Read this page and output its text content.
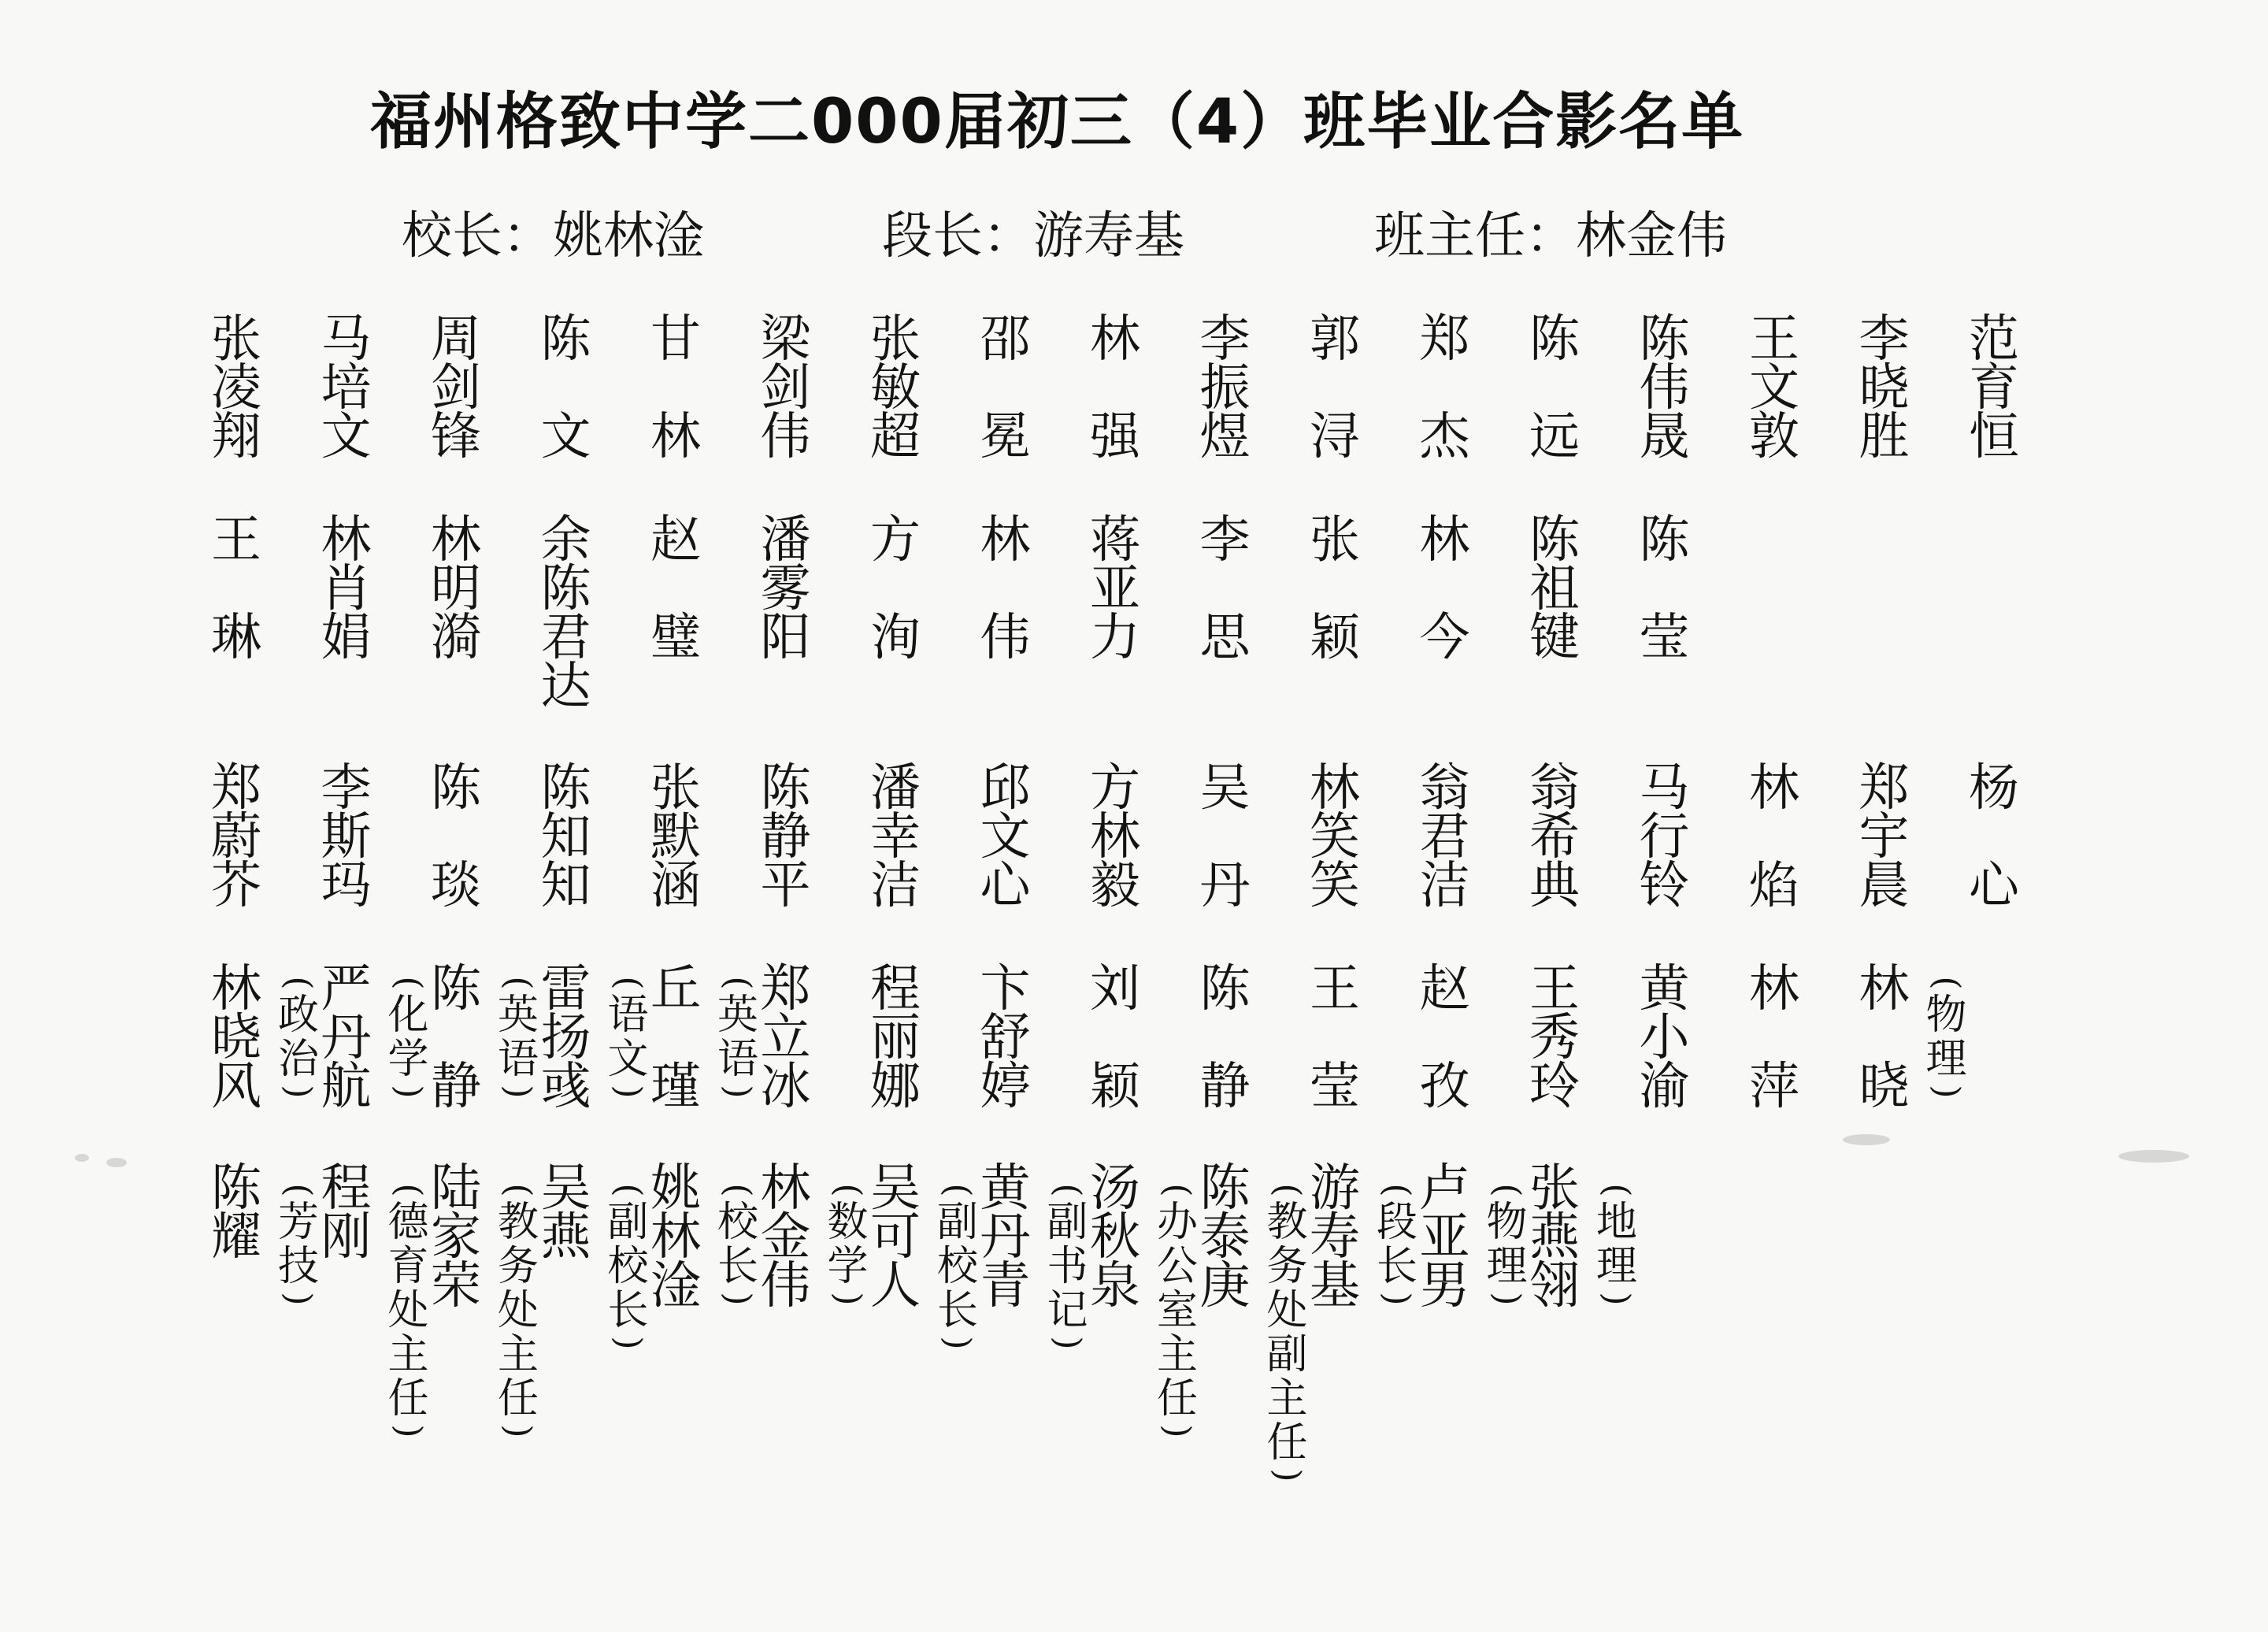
福州格致中学二000届初三（4）班毕业合影名单
校长：姚林淦	段长：游寿基	班主任：林金伟
张
凌
翔
马
培
文
周
剑
锋
陈
文
甘
林
梁
剑
伟
张
敏
超
邵
冕
林
强
李
振
煜
郭
浔
郑
杰
陈
远
陈
伟
晟
王
文
敦
李
晓
胜
范
育
恒
王
琳
林
肖
娟
林
明
漪
余
陈
君
达
赵
璧
潘
雾
阳
方
洵
林
伟
蒋
亚
力
李
思
张
颖
林
今
陈
祖
键
陈
莹
郑
蔚
芥
李
斯
玛
陈
琰
陈
知
知
张
默
涵
陈
静
平
潘
幸
洁
邱
文
心
方
林
毅
吴
丹
林
笑
笑
翁
君
洁
翁
希
典
马
行
铃
林
焰
郑
宇
晨
杨
心
林
晓
风
(
政
治
)
严
丹
航
(
化
学
)
陈
静
(
英
语
)
雷
扬
彧
(
语
文
)
丘
瑾
(
英
语
)
郑
立
冰
程
丽
娜
卞
舒
婷
刘
颖
陈
静
王
莹
赵
孜
王
秀
玲
黄
小
渝
林
萍
林
晓
(
物
理
)
陈
耀
(
芳
技
)
程
刚
(
德
育
处
主
任
)
陆
家
荣
(
教
务
处
主
任
)
吴
燕
(
副
校
长
)
姚
林
淦
(
校
长
)
林
金
伟
(
数
学
)
吴
可
人
(
副
校
长
)
黄
丹
青
(
副
书
记
)
汤
秋
泉
(
办
公
室
主
任
)
陈
泰
庚
(
教
务
处
副
主
任
)
游
寿
基
(
段
长
)
卢
亚
男
(
物
理
)
张
燕
翎
(
地
理
)
